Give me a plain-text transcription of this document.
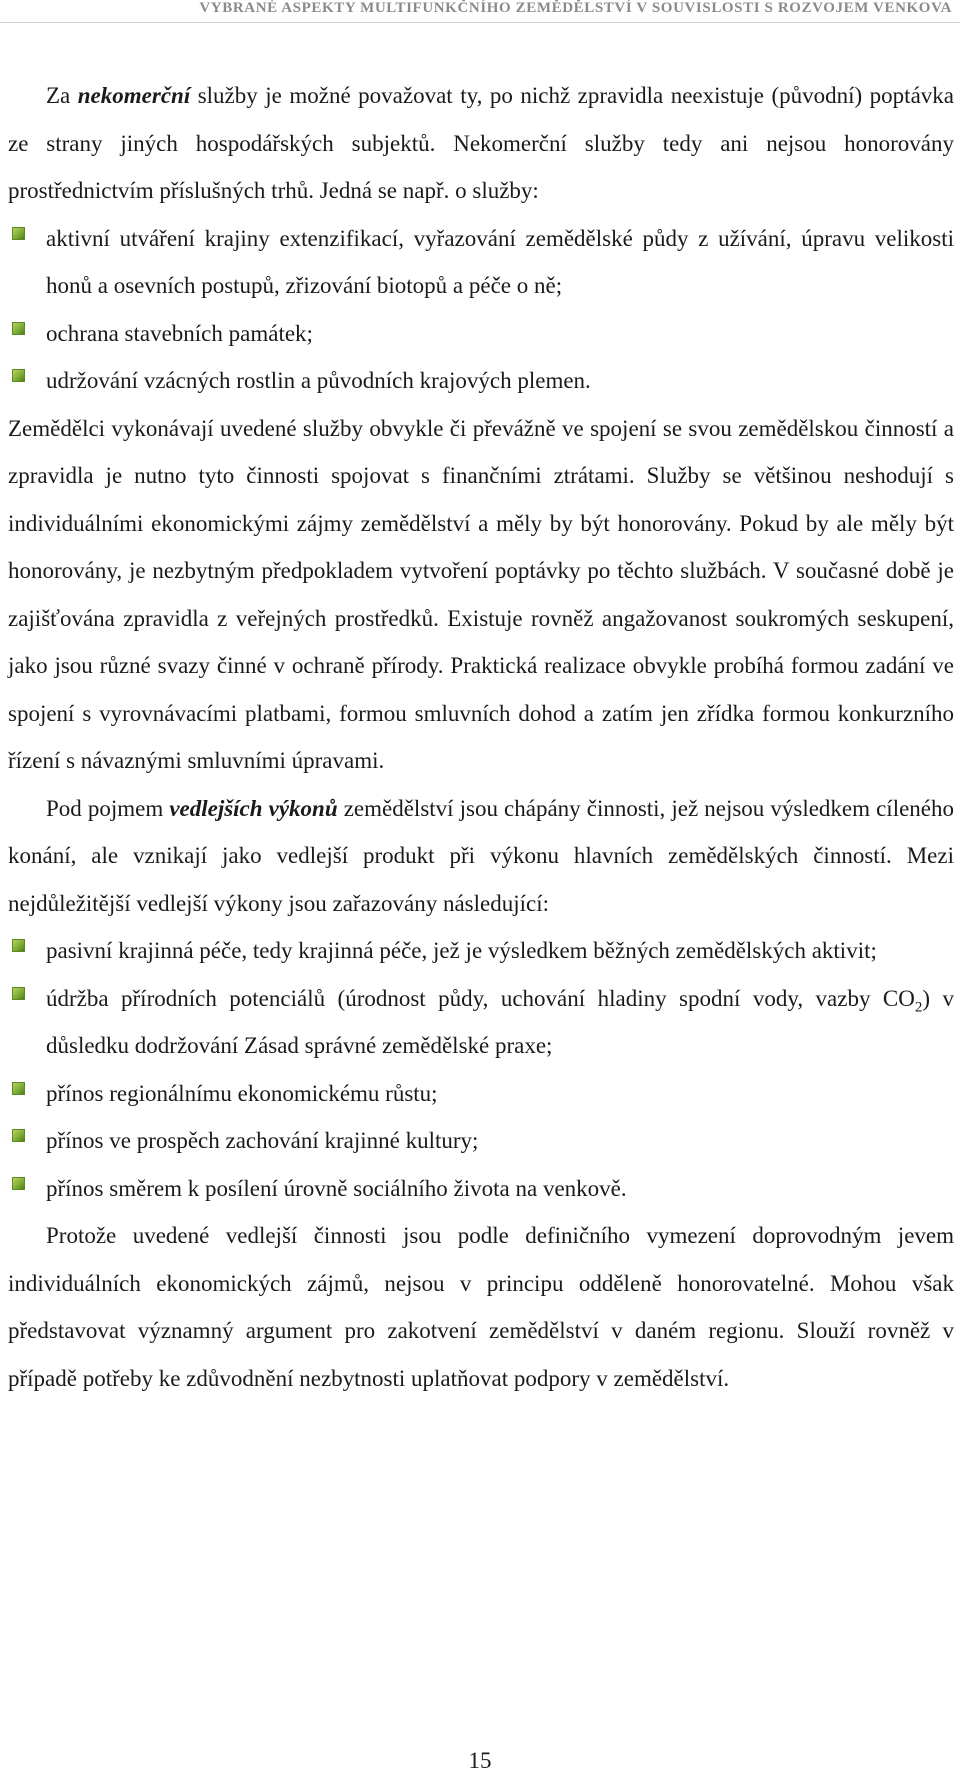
VYBRANÉ ASPEKTY MULTIFUNKČNÍHO ZEMĚDĚLSTVÍ V SOUVISLOSTI S ROZVOJEM VENKOVA

Za nekomerční služby je možné považovat ty, po nichž zpravidla neexistuje (původní) poptávka ze strany jiných hospodářských subjektů. Nekomerční služby tedy ani nejsou honorovány prostřednictvím příslušných trhů. Jedná se např. o služby:

aktivní utváření krajiny extenzifikací, vyřazování zemědělské půdy z užívání, úpravu velikosti honů a osevních postupů, zřizování biotopů a péče o ně;
ochrana stavebních památek;
udržování vzácných rostlin a původních krajových plemen.

Zemědělci vykonávají uvedené služby obvykle či převážně ve spojení se svou zemědělskou činností a zpravidla je nutno tyto činnosti spojovat s finančními ztrátami. Služby se většinou neshodují s individuálními ekonomickými zájmy zemědělství a měly by být honorovány. Pokud by ale měly být honorovány, je nezbytným předpokladem vytvoření poptávky po těchto službách. V současné době je zajišťována zpravidla z veřejných prostředků. Existuje rovněž angažovanost soukromých seskupení, jako jsou různé svazy činné v ochraně přírody. Praktická realizace obvykle probíhá formou zadání ve spojení s vyrovnávacími platbami, formou smluvních dohod a zatím jen zřídka formou konkurzního řízení s návaznými smluvními úpravami.

Pod pojmem vedlejších výkonů zemědělství jsou chápány činnosti, jež nejsou výsledkem cíleného konání, ale vznikají jako vedlejší produkt při výkonu hlavních zemědělských činností. Mezi nejdůležitější vedlejší výkony jsou zařazovány následující:

pasivní krajinná péče, tedy krajinná péče, jež je výsledkem běžných zemědělských aktivit;
údržba přírodních potenciálů (úrodnost půdy, uchování hladiny spodní vody, vazby $CO_2$) v důsledku dodržování Zásad správné zemědělské praxe;
přínos regionálnímu ekonomickému růstu;
přínos ve prospěch zachování krajinné kultury;
přínos směrem k posílení úrovně sociálního života na venkově.

Protože uvedené vedlejší činnosti jsou podle definičního vymezení doprovodným jevem individuálních ekonomických zájmů, nejsou v principu odděleně honorovatelné. Mohou však představovat významný argument pro zakotvení zemědělství v daném regionu. Slouží rovněž v případě potřeby ke zdůvodnění nezbytnosti uplatňovat podpory v zemědělství.

15
